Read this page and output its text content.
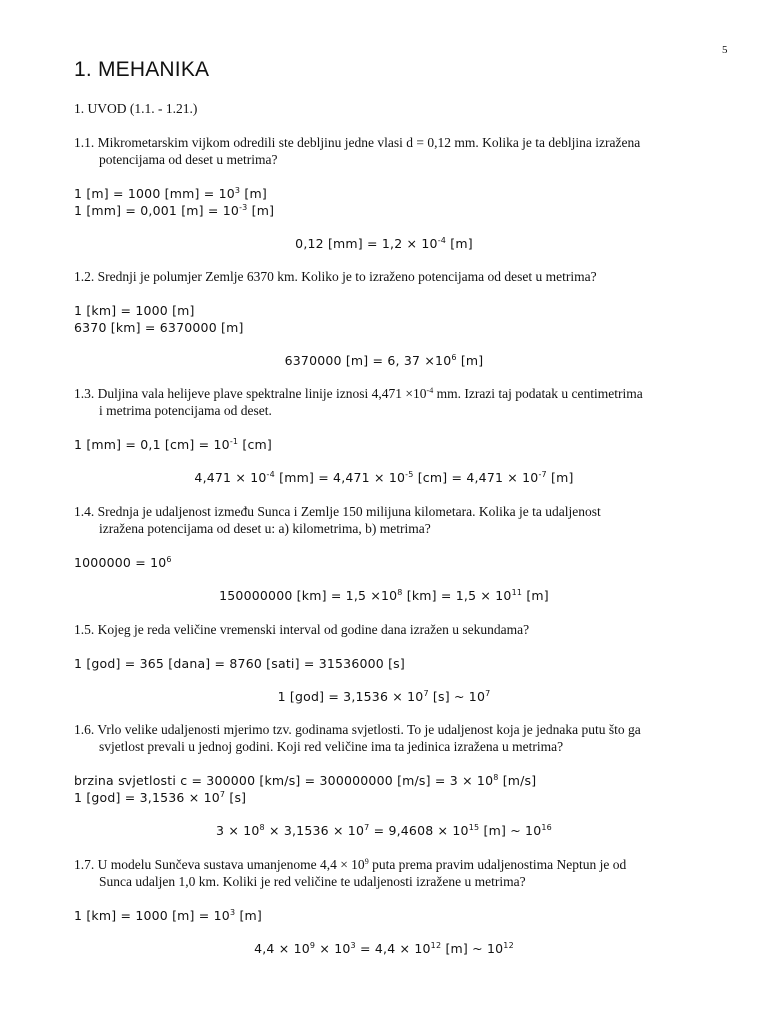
5
1. MEHANIKA
1. UVOD (1.1. - 1.21.)
1.1. Mikrometarskim vijkom odredili ste debljinu jedne vlasi d = 0,12 mm. Kolika je ta debljina izražena
potencijama od deset u metrima?
1 [m] = 1000 $[mm] = 10^3$ [m]
1 [mm] = 0,001 $[m] = 10^{-3}$ [m]
0,12 $[mm] = 1,2 \times 10^{-4}$ [m]
1.2. Srednji je polumjer Zemlje 6370 km. Koliko je to izraženo potencijama od deset u metrima?
1 [km] = 1000 [m]
6370 [km] = 6370000 [m]
6370000 [m] = 6, $37 \times 10^6$ [m]
1.3. Duljina vala helijeve plave spektralne linije iznosi $4,471 \times 10^{-4}$ mm. Izrazi taj podatak u centimetrima
i metrima potencijama od deset.
1 [mm] = 0,1 $[cm] = 10^{-1}$ [cm]
$4,471 \times 10^{-4}$ $[mm] = 4,471 \times 10^{-5}$ $[cm] = 4,471 \times 10^{-7}$ [m]
1.4. Srednja je udaljenost između Sunca i Zemlje 150 milijuna kilometara. Kolika je ta udaljenost
izražena potencijama od deset u: a) kilometrima, b) metrima?
$1000000 = 10^6$
150000000 $[km] = 1,5 \times 10^8$ $[km] = 1,5 \times 10^{11}$ [m]
1.5. Kojeg je reda veličine vremenski interval od godine dana izražen u sekundama?
1 [god] = 365 [dana] = 8760 [sati] = 31536000 [s]
1 $[god] = 3,1536 \times 10^7$ [s] ~ $10^7$
1.6. Vrlo velike udaljenosti mjerimo tzv. godinama svjetlosti. To je udaljenost koja je jednaka putu što ga
svjetlost prevali u jednoj godini. Koji red veličine ima ta jedinica izražena u metrima?
brzina svjetlosti c = 300000 [km/s] = 300000000 $[m/s] = 3 \times 10^8$ [m/s]
1 $[god] = 3,1536 \times 10^7$ [s]
$3 \times 10^8 \times 3,1536 \times 10^7 = 9,4608 \times 10^{15}$ [m] ~ $10^{16}$
1.7. U modelu Sunčeva sustava umanjenome $4,4 \times 10^9$ puta prema pravim udaljenostima Neptun je od
Sunca udaljen 1,0 km. Koliki je red veličine te udaljenosti izražene u metrima?
1 [km] = 1000 $[m] = 10^3$ [m]
$4,4 \times 10^9 \times 10^3 = 4,4 \times 10^{12}$ [m] ~ $10^{12}$
